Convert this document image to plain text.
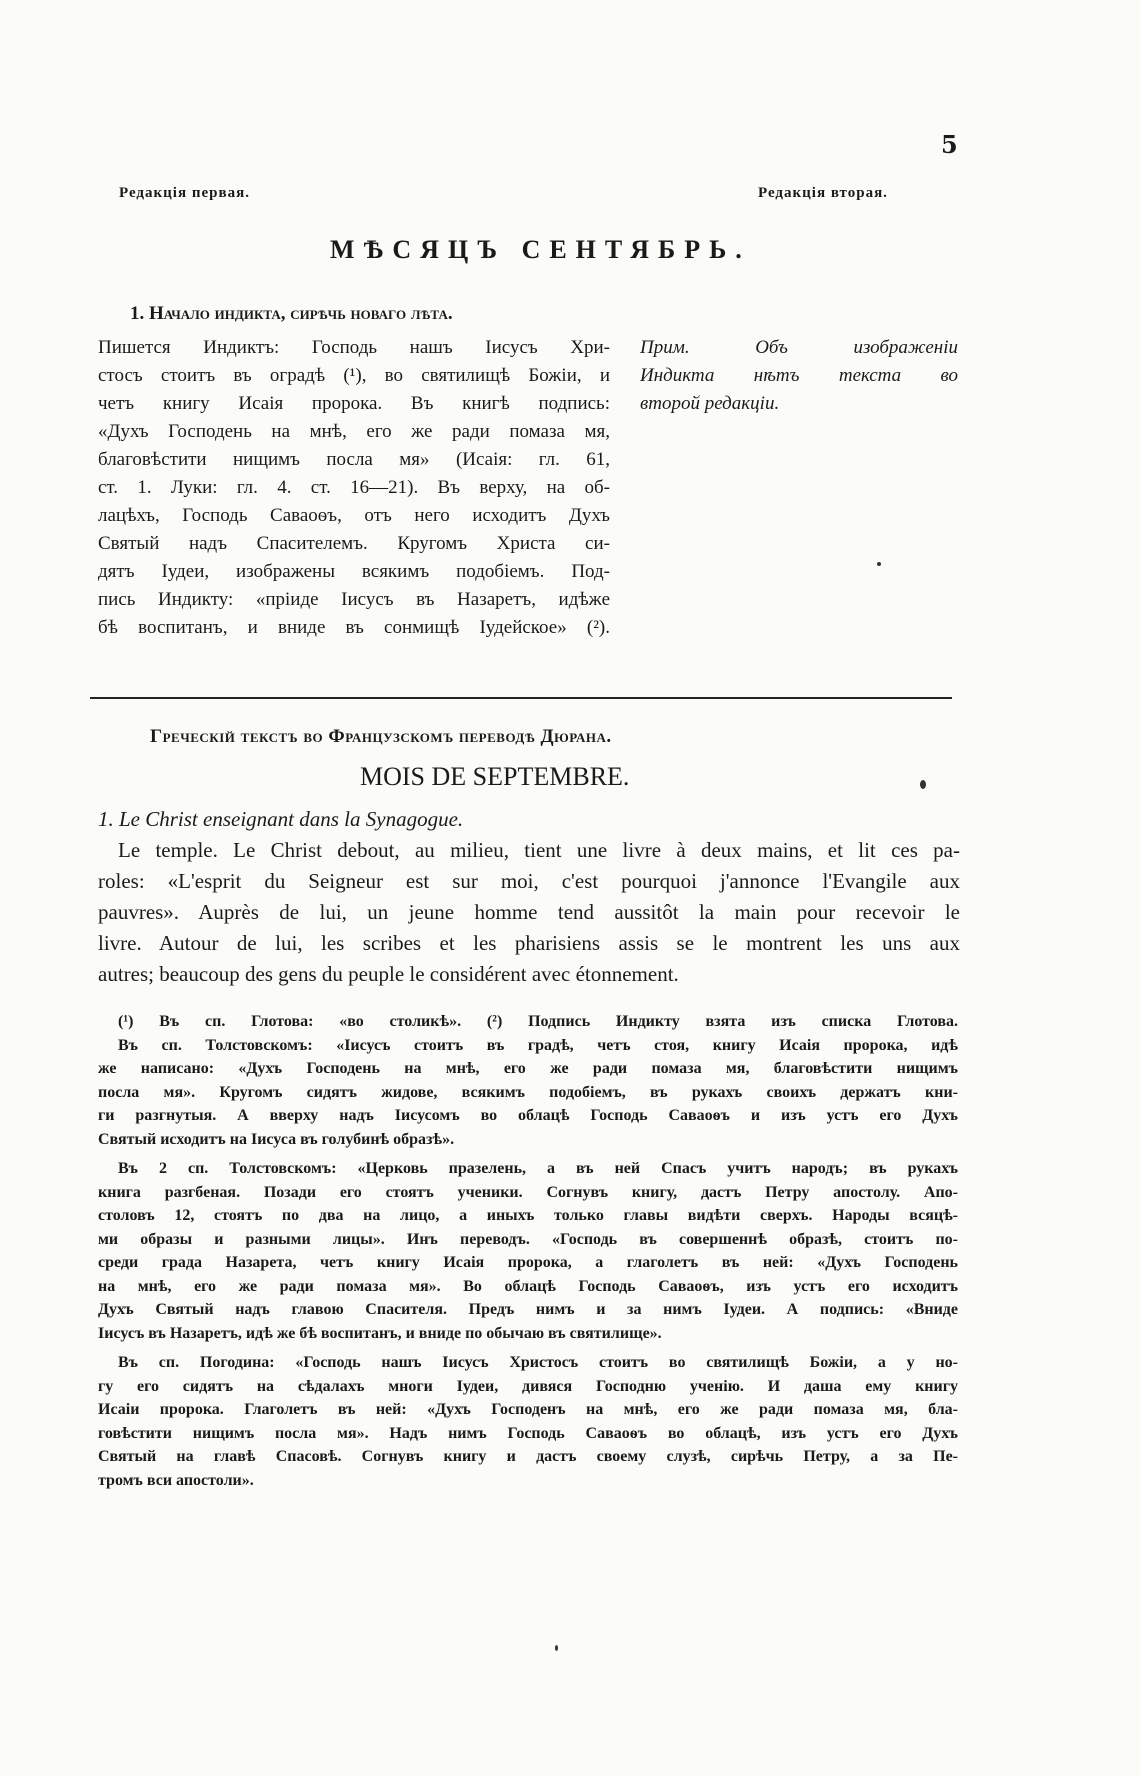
5
Редакція первая.	Редакція вторая.
МѢСЯЦЪ СЕНТЯБРЬ.
1. Начало индикта, сирѣчь новаго лѣта.
Пишется Индиктъ: Господь нашъ Іисусъ Хри-
стосъ стоитъ въ оградѣ (¹), во святилищѣ Божіи, и
четъ книгу Исаія пророка. Въ книгѣ подпись:
«Духъ Господень на мнѣ, его же ради помаза мя,
благовѣстити нищимъ посла мя» (Исаія: гл. 61,
ст. 1. Луки: гл. 4. ст. 16—21). Въ верху, на об-
лацѣхъ, Господь Саваоѳъ, отъ него исходитъ Духъ
Святый надъ Спасителемъ. Кругомъ Христа си-
дятъ Іудеи, изображены всякимъ подобіемъ. Под-
пись Индикту: «пріиде Іисусъ въ Назаретъ, идѣже
бѣ воспитанъ, и вниде въ сонмищѣ Іудейское» (²).
Прим. Объ изображеніи
Индикта нѣтъ текста во
второй редакціи.
Греческій текстъ во Французскомъ переводѣ Дюрана.
MOIS DE SEPTEMBRE.
1. Le Christ enseignant dans la Synagogue.
Le temple. Le Christ debout, au milieu, tient une livre à deux mains, et lit ces pa-
roles: «L'esprit du Seigneur est sur moi, c'est pourquoi j'annonce l'Evangile aux
pauvres». Auprès de lui, un jeune homme tend aussitôt la main pour recevoir le
livre. Autour de lui, les scribes et les pharisiens assis se le montrent les uns aux
autres; beaucoup des gens du peuple le considérent avec étonnement.
(¹) Въ сп. Глотова: «во столикѣ». (²) Подпись Индикту взята изъ списка Глотова.
Въ сп. Толстовскомъ: «Іисусъ стоитъ въ градѣ, четъ стоя, книгу Исаія пророка, идѣ
же написано: «Духъ Господень на мнѣ, его же ради помаза мя, благовѣстити нищимъ
посла мя». Кругомъ сидятъ жидове, всякимъ подобіемъ, въ рукахъ своихъ держатъ кни-
ги разгнутыя. А вверху надъ Іисусомъ во облацѣ Господь Саваоѳъ и изъ устъ его Духъ
Святый исходитъ на Іисуса въ голубинѣ образѣ».
Въ 2 сп. Толстовскомъ: «Церковь празелень, а въ ней Спасъ учитъ народъ; въ рукахъ
книга разгбеная. Позади его стоятъ ученики. Согнувъ книгу, дастъ Петру апостолу. Апо-
столовъ 12, стоятъ по два на лицо, а иныхъ только главы видѣти сверхъ. Народы всяцѣ-
ми образы и разными лицы». Инъ переводъ. «Господь въ совершеннѣ образѣ, стоитъ по-
среди града Назарета, четъ книгу Исаія пророка, а глаголетъ въ ней: «Духъ Господень
на мнѣ, его же ради помаза мя». Во облацѣ Господь Саваоѳъ, изъ устъ его исходитъ
Духъ Святый надъ главою Спасителя. Предъ нимъ и за нимъ Іудеи. А подпись: «Вниде
Іисусъ въ Назаретъ, идѣ же бѣ воспитанъ, и вниде по обычаю въ святилище».
Въ сп. Погодина: «Господь нашъ Іисусъ Христосъ стоитъ во святилищѣ Божіи, а у но-
гу его сидятъ на сѣдалахъ многи Іудеи, дивяся Господню ученію. И даша ему книгу
Исаіи пророка. Глаголетъ въ ней: «Духъ Господенъ на мнѣ, его же ради помаза мя, бла-
говѣстити нищимъ посла мя». Надъ нимъ Господь Саваоѳъ во облацѣ, изъ устъ его Духъ
Святый на главѣ Спасовѣ. Согнувъ книгу и дастъ своему слузѣ, сирѣчь Петру, а за Пе-
тромъ вси апостоли».
